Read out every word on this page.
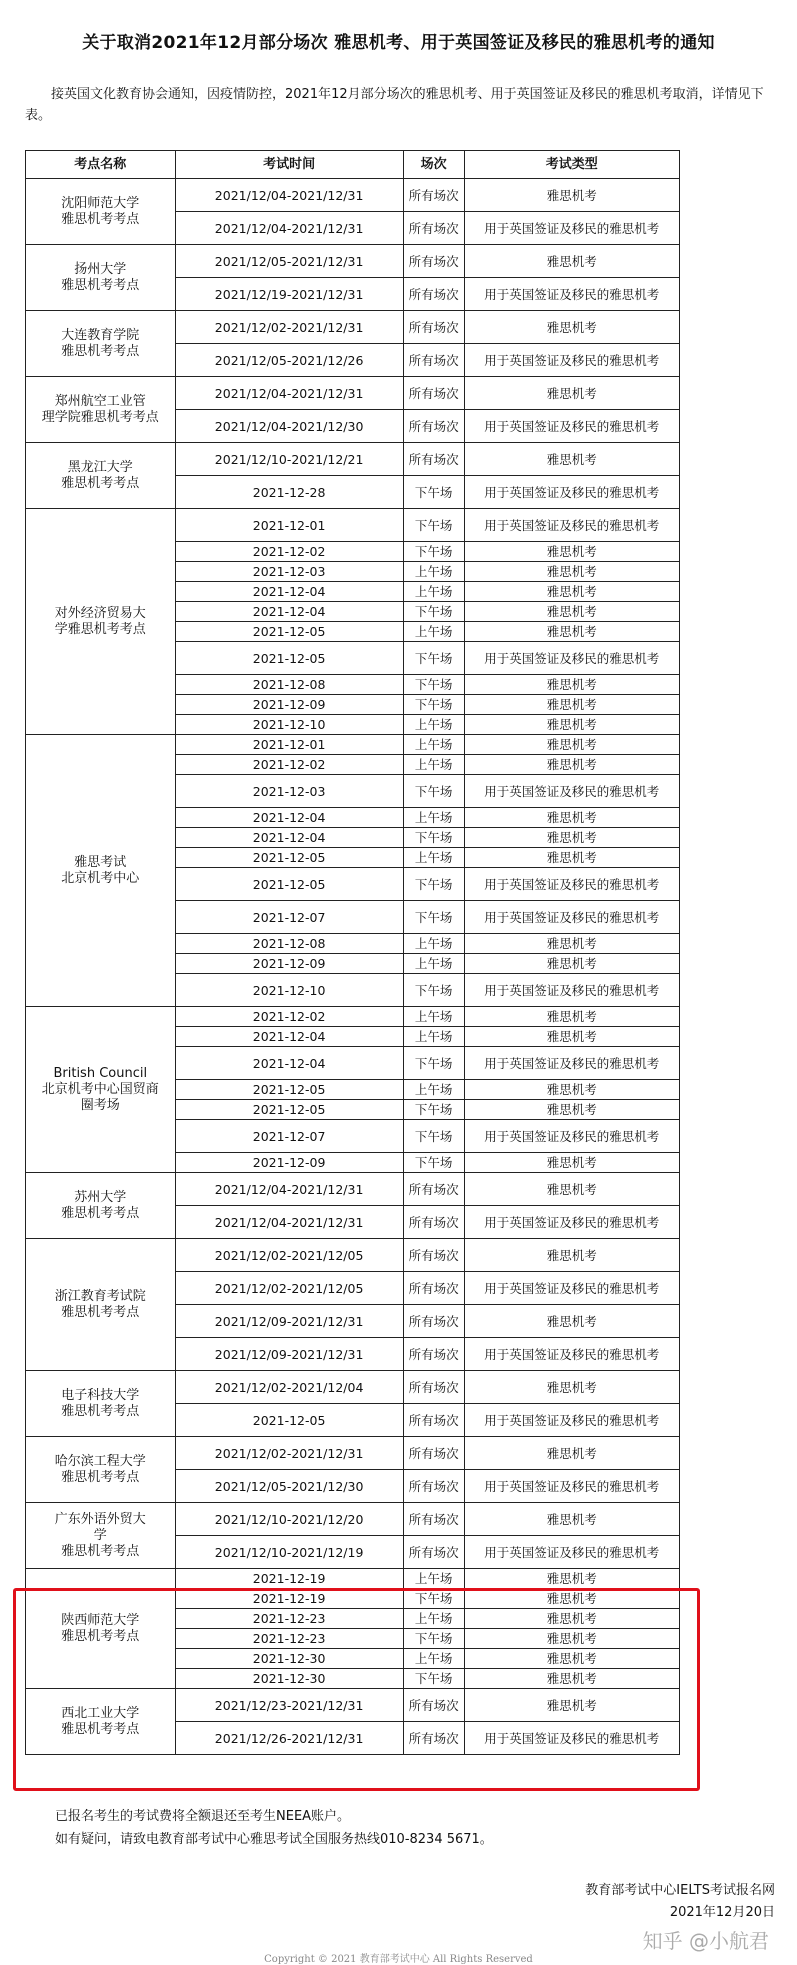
关于取消2021年12月部分场次 雅思机考、用于英国签证及移民的雅思机考的通知
接英国文化教育协会通知，因疫情防控，2021年12月部分场次的雅思机考、用于英国签证及移民的雅思机考取消，详情见下表。
考点名称	考试时间	场次	考试类型
沈阳师范大学
雅思机考考点	2021/12/04-2021/12/31	所有场次	雅思机考
	2021/12/04-2021/12/31	所有场次	用于英国签证及移民的雅思机考
扬州大学
雅思机考考点	2021/12/05-2021/12/31	所有场次	雅思机考
	2021/12/19-2021/12/31	所有场次	用于英国签证及移民的雅思机考
大连教育学院
雅思机考考点	2021/12/02-2021/12/31	所有场次	雅思机考
	2021/12/05-2021/12/26	所有场次	用于英国签证及移民的雅思机考
郑州航空工业管
理学院雅思机考考点	2021/12/04-2021/12/31	所有场次	雅思机考
	2021/12/04-2021/12/30	所有场次	用于英国签证及移民的雅思机考
黑龙江大学
雅思机考考点	2021/12/10-2021/12/21	所有场次	雅思机考
	2021-12-28	下午场	用于英国签证及移民的雅思机考
对外经济贸易大
学雅思机考考点	2021-12-01	下午场	用于英国签证及移民的雅思机考
	2021-12-02	下午场	雅思机考
	2021-12-03	上午场	雅思机考
	2021-12-04	上午场	雅思机考
	2021-12-04	下午场	雅思机考
	2021-12-05	上午场	雅思机考
	2021-12-05	下午场	用于英国签证及移民的雅思机考
	2021-12-08	下午场	雅思机考
	2021-12-09	下午场	雅思机考
	2021-12-10	上午场	雅思机考
雅思考试
北京机考中心	2021-12-01	上午场	雅思机考
	2021-12-02	上午场	雅思机考
	2021-12-03	下午场	用于英国签证及移民的雅思机考
	2021-12-04	上午场	雅思机考
	2021-12-04	下午场	雅思机考
	2021-12-05	上午场	雅思机考
	2021-12-05	下午场	用于英国签证及移民的雅思机考
	2021-12-07	下午场	用于英国签证及移民的雅思机考
	2021-12-08	上午场	雅思机考
	2021-12-09	上午场	雅思机考
	2021-12-10	下午场	用于英国签证及移民的雅思机考
British Council
北京机考中心国贸商
圈考场	2021-12-02	上午场	雅思机考
	2021-12-04	上午场	雅思机考
	2021-12-04	下午场	用于英国签证及移民的雅思机考
	2021-12-05	上午场	雅思机考
	2021-12-05	下午场	雅思机考
	2021-12-07	下午场	用于英国签证及移民的雅思机考
	2021-12-09	下午场	雅思机考
苏州大学
雅思机考考点	2021/12/04-2021/12/31	所有场次	雅思机考
	2021/12/04-2021/12/31	所有场次	用于英国签证及移民的雅思机考
浙江教育考试院
雅思机考考点	2021/12/02-2021/12/05	所有场次	雅思机考
	2021/12/02-2021/12/05	所有场次	用于英国签证及移民的雅思机考
	2021/12/09-2021/12/31	所有场次	雅思机考
	2021/12/09-2021/12/31	所有场次	用于英国签证及移民的雅思机考
电子科技大学
雅思机考考点	2021/12/02-2021/12/04	所有场次	雅思机考
	2021-12-05	所有场次	用于英国签证及移民的雅思机考
哈尔滨工程大学
雅思机考考点	2021/12/02-2021/12/31	所有场次	雅思机考
	2021/12/05-2021/12/30	所有场次	用于英国签证及移民的雅思机考
广东外语外贸大
学
雅思机考考点	2021/12/10-2021/12/20	所有场次	雅思机考
	2021/12/10-2021/12/19	所有场次	用于英国签证及移民的雅思机考
陕西师范大学
雅思机考考点	2021-12-19	上午场	雅思机考
	2021-12-19	下午场	雅思机考
	2021-12-23	上午场	雅思机考
	2021-12-23	下午场	雅思机考
	2021-12-30	上午场	雅思机考
	2021-12-30	下午场	雅思机考
西北工业大学
雅思机考考点	2021/12/23-2021/12/31	所有场次	雅思机考
	2021/12/26-2021/12/31	所有场次	用于英国签证及移民的雅思机考
已报名考生的考试费将全额退还至考生NEEA账户。
如有疑问，请致电教育部考试中心雅思考试全国服务热线010-8234 5671。
教育部考试中心IELTS考试报名网
2021年12月20日
知乎 @小航君
Copyright © 2021 教育部考试中心 All Rights Reserved
